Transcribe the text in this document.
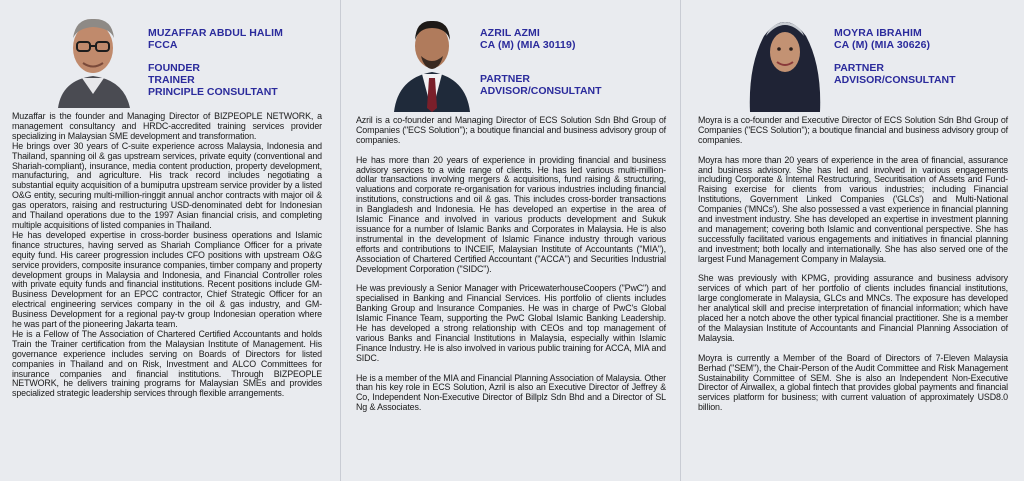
MUZAFFAR ABDUL HALIM
FCCA
FOUNDER
TRAINER
PRINCIPLE CONSULTANT

Muzaffar is the founder and Managing Director of BIZPEOPLE NETWORK, a management consultancy and HRDC-accredited training services provider specializing in Malaysian SME development and transformation.

He brings over 30 years of C-suite experience across Malaysia, Indonesia and Thailand, spanning oil & gas upstream services, private equity (conventional and Shariah-compliant), insurance, media content production, property development, manufacturing, and agriculture. His track record includes negotiating a substantial equity acquisition of a bumiputra upstream service provider by a listed O&G entity, securing multi-million-ringgit annual anchor contracts with major oil & gas operators, raising and restructuring USD-denominated debt for Indonesian and Thailand operations due to the 1997 Asian financial crisis, and completing multiple acquisitions of listed companies in Thailand.

He has developed expertise in cross-border business operations and Islamic finance structures, having served as Shariah Compliance Officer for a private equity fund. His career progression includes CFO positions with upstream O&G service providers, composite insurance companies, timber company and property development groups in Malaysia and Indonesia, and Financial Controller roles with private equity funds and financial institutions. Recent positions include GM-Business Development for an EPCC contractor, Chief Strategic Officer for an electrical engineering services company in the oil & gas industry, and GM-Business Development for a regional pay-tv group Indonesian operation where he was part of the pioneering Jakarta team.

He is a Fellow of The Association of Chartered Certified Accountants and holds Train the Trainer certification from the Malaysian Institute of Management. His governance experience includes serving on Boards of Directors for listed companies in Thailand and on Risk, Investment and ALCO Committees for insurance companies and financial institutions. Through BIZPEOPLE NETWORK, he delivers training programs for Malaysian SMEs and provides specialized strategic leadership services through flexible arrangements.

AZRIL AZMI
CA (M) (MIA 30119)
PARTNER
ADVISOR/CONSULTANT

Azril is a co-founder and Managing Director of ECS Solution Sdn Bhd Group of Companies ("ECS Solution"); a boutique financial and business advisory group of companies.

He has more than 20 years of experience in providing financial and business advisory services to a wide range of clients. He has led various multi-million-dollar transactions involving mergers & acquisitions, fund raising & structuring, valuations and corporate re-organisation for various industries including financial institutions, constructions and oil & gas. This includes cross-border transactions in Bangladesh and Indonesia. He has developed an expertise in the area of Islamic Finance and involved in various products development and Sukuk issuance for a number of Islamic Banks and Corporates in Malaysia. He is also instrumental in the development of Islamic Finance industry through various efforts and contributions to INCEIF, Malaysian Institute of Accountants ("MIA"), Association of Chartered Certified Accountant ("ACCA") and Securities Industrial Development Corporation ("SIDC").

He was previously a Senior Manager with PricewaterhouseCoopers ("PwC") and specialised in Banking and Financial Services. His portfolio of clients includes Banking Group and Insurance Companies. He was in charge of PwC's Global Islamic Finance Team, supporting the PwC Global Islamic Banking Leadership. He has developed a strong relationship with CEOs and top management of various Banks and Financial Institutions in Malaysia, especially within Islamic Finance Industry. He is also involved in various public training for ACCA, MIA and SIDC.

He is a member of the MIA and Financial Planning Association of Malaysia. Other than his key role in ECS Solution, Azril is also an Executive Director of Jeffrey & Co, Independent Non-Executive Director of Billplz Sdn Bhd and a Director of SL Ng & Associates.

MOYRA IBRAHIM
CA (M) (MIA 30626)
PARTNER
ADVISOR/CONSULTANT

Moyra is a co-founder and Executive Director of ECS Solution Sdn Bhd Group of Companies ("ECS Solution"); a boutique financial and business advisory group of companies.

Moyra has more than 20 years of experience in the area of financial, assurance and business advisory. She has led and involved in various engagements including Corporate & Internal Restructuring, Securitisation of Assets and Fund-Raising exercise for clients from various industries; including Financial Institutions, Government Linked Companies ('GLCs') and Multi-National Companies ('MNCs'). She also possessed a vast experience in financial planning and investment industry. She has developed an expertise in investment planning and management; covering both Islamic and conventional perspective. She has successfully facilitated various engagements and initiatives in financial planning and investment; both locally and internationally. She has also served one of the largest Fund Management Company in Malaysia.

She was previously with KPMG, providing assurance and business advisory services of which part of her portfolio of clients includes financial institutions, large conglomerate in Malaysia, GLCs and MNCs. The exposure has developed her analytical skill and precise interpretation of financial information; which have placed her a notch above the other typical financial practitioner. She is a member of the Malaysian Institute of Accountants and Financial Planning Association of Malaysia.

Moyra is currently a Member of the Board of Directors of 7-Eleven Malaysia Berhad ("SEM"), the Chair-Person of the Audit Committee and Risk Management Sustainability Committee of SEM. She is also an Independent Non-Executive Director of Airwallex, a global fintech that provides global payments and financial services platform for business; with current valuation of approximately USD8.0 billion.
